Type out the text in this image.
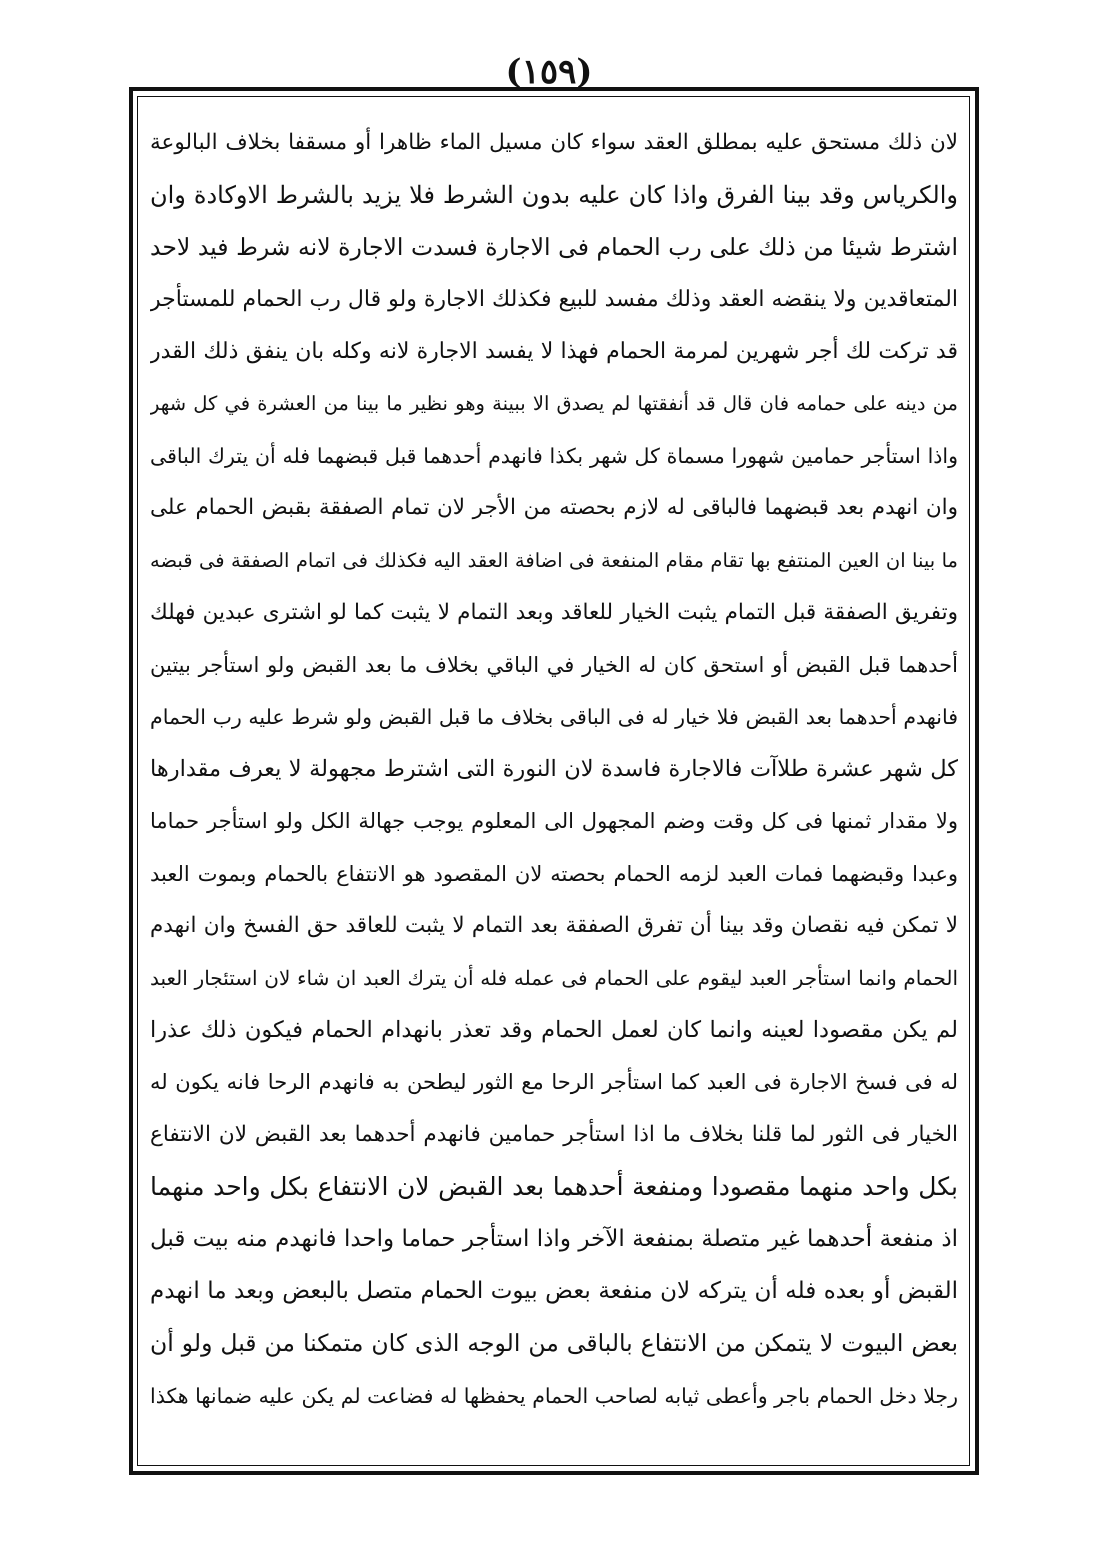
(١٥٩)
لان ذلك مستحق عليه بمطلق العقد سواء كان مسيل الماء ظاهرا أو مسقفا بخلاف البالوعة
والكرياس وقد بينا الفرق واذا كان عليه بدون الشرط فلا يزيد بالشرط الاوكادة وان
اشترط شيئا من ذلك على رب الحمام فى الاجارة فسدت الاجارة لانه شرط فيد لاحد
المتعاقدين ولا ينقضه العقد وذلك مفسد للبيع فكذلك الاجارة ولو قال رب الحمام للمستأجر
قد تركت لك أجر شهرين لمرمة الحمام فهذا لا يفسد الاجارة لانه وكله بان ينفق ذلك القدر
من دينه على حمامه فان قال قد أنفقتها لم يصدق الا ببينة وهو نظير ما بينا من العشرة في كل شهر
واذا استأجر حمامين شهورا مسماة كل شهر بكذا فانهدم أحدهما قبل قبضهما فله أن يترك الباقى
وان انهدم بعد قبضهما فالباقى له لازم بحصته من الأجر لان تمام الصفقة بقبض الحمام على
ما بينا ان العين المنتفع بها تقام مقام المنفعة فى اضافة العقد اليه فكذلك فى اتمام الصفقة فى قبضه
وتفريق الصفقة قبل التمام يثبت الخيار للعاقد وبعد التمام لا يثبت كما لو اشترى عبدين فهلك
أحدهما قبل القبض أو استحق كان له الخيار في الباقي بخلاف ما بعد القبض ولو استأجر بيتين
فانهدم أحدهما بعد القبض فلا خيار له فى الباقى بخلاف ما قبل القبض ولو شرط عليه رب الحمام
كل شهر عشرة طلاآت فالاجارة فاسدة لان النورة التى اشترط مجهولة لا يعرف مقدارها
ولا مقدار ثمنها فى كل وقت وضم المجهول الى المعلوم يوجب جهالة الكل ولو استأجر حماما
وعبدا وقبضهما فمات العبد لزمه الحمام بحصته لان المقصود هو الانتفاع بالحمام وبموت العبد
لا تمكن فيه نقصان وقد بينا أن تفرق الصفقة بعد التمام لا يثبت للعاقد حق الفسخ وان انهدم
الحمام وانما استأجر العبد ليقوم على الحمام فى عمله فله أن يترك العبد ان شاء لان استئجار العبد
لم يكن مقصودا لعينه وانما كان لعمل الحمام وقد تعذر بانهدام الحمام فيكون ذلك عذرا
له فى فسخ الاجارة فى العبد كما استأجر الرحا مع الثور ليطحن به فانهدم الرحا فانه يكون له
الخيار فى الثور لما قلنا بخلاف ما اذا استأجر حمامين فانهدم أحدهما بعد القبض لان الانتفاع
بكل واحد منهما مقصودا ومنفعة أحدهما بعد القبض لان الانتفاع بكل واحد منهما
اذ منفعة أحدهما غير متصلة بمنفعة الآخر واذا استأجر حماما واحدا فانهدم منه بيت قبل
القبض أو بعده فله أن يتركه لان منفعة بعض بيوت الحمام متصل بالبعض وبعد ما انهدم
بعض البيوت لا يتمكن من الانتفاع بالباقى من الوجه الذى كان متمكنا من قبل ولو أن
رجلا دخل الحمام باجر وأعطى ثيابه لصاحب الحمام يحفظها له فضاعت لم يكن عليه ضمانها هكذا
